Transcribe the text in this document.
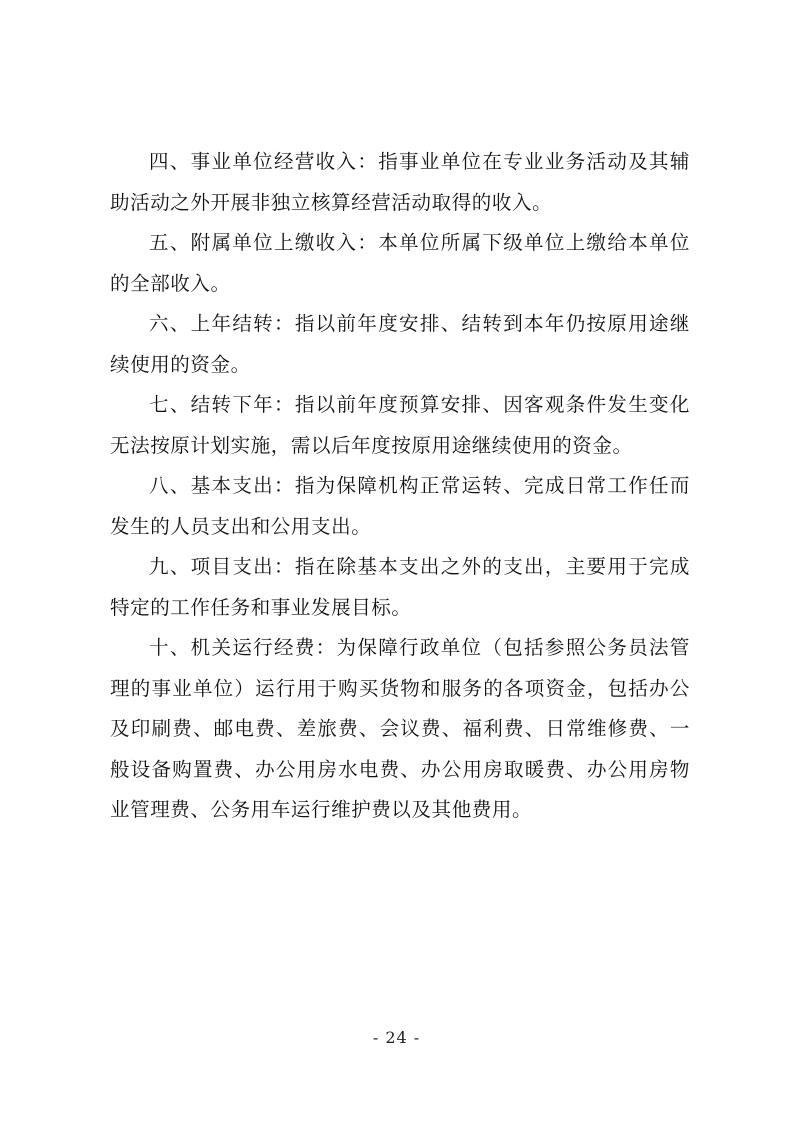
四、事业单位经营收入：指事业单位在专业业务活动及其辅助活动之外开展非独立核算经营活动取得的收入。

五、附属单位上缴收入：本单位所属下级单位上缴给本单位的全部收入。

六、上年结转：指以前年度安排、结转到本年仍按原用途继续使用的资金。

七、结转下年：指以前年度预算安排、因客观条件发生变化无法按原计划实施，需以后年度按原用途继续使用的资金。

八、基本支出：指为保障机构正常运转、完成日常工作任而发生的人员支出和公用支出。

九、项目支出：指在除基本支出之外的支出，主要用于完成特定的工作任务和事业发展目标。

十、机关运行经费：为保障行政单位（包括参照公务员法管理的事业单位）运行用于购买货物和服务的各项资金，包括办公及印刷费、邮电费、差旅费、会议费、福利费、日常维修费、一般设备购置费、办公用房水电费、办公用房取暖费、办公用房物业管理费、公务用车运行维护费以及其他费用。

- 24 -
